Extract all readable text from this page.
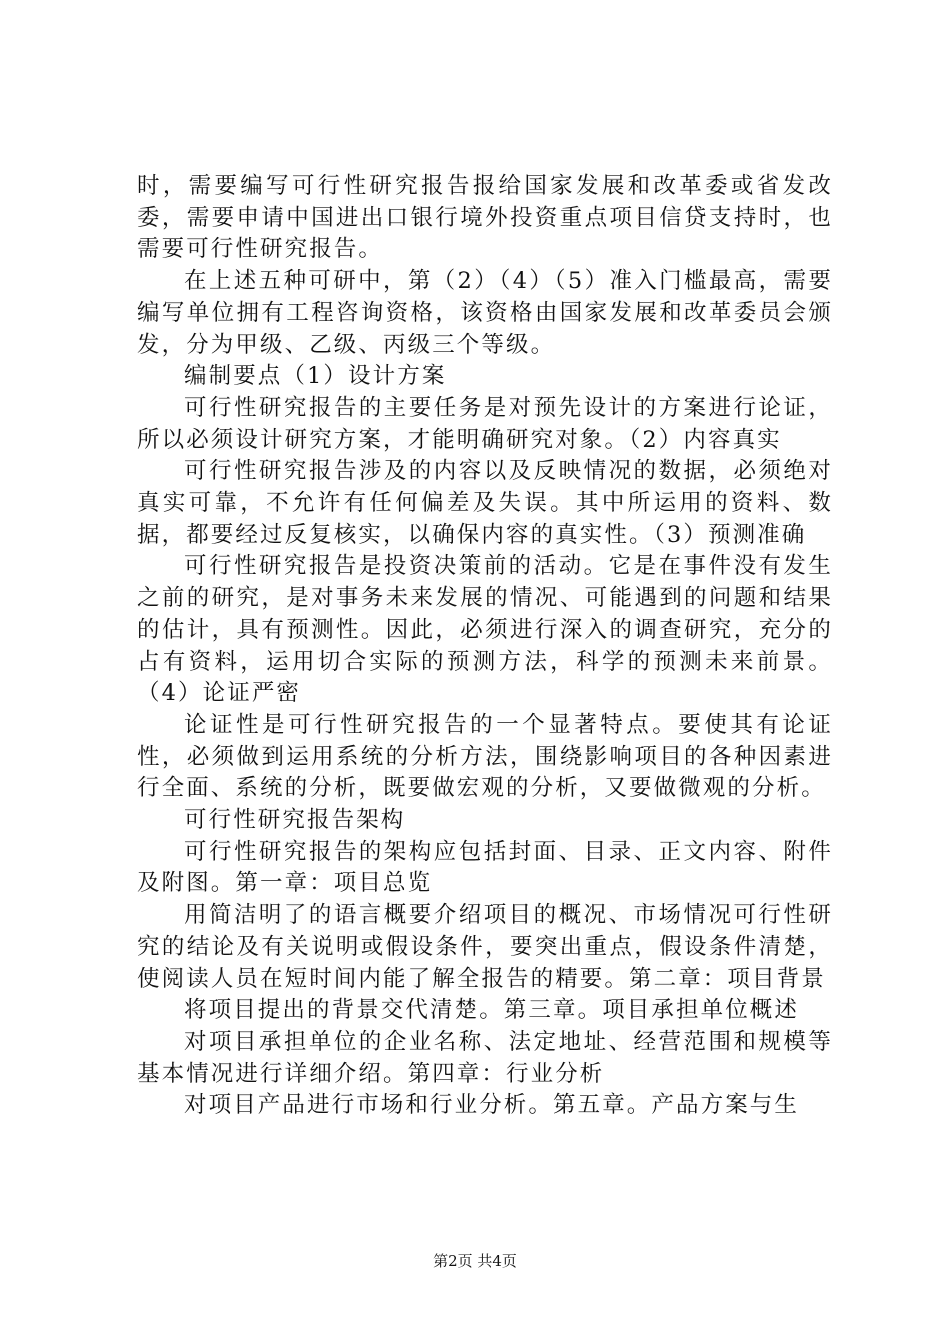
时，需要编写可行性研究报告报给国家发展和改革委或省发改委，需要申请中国进出口银行境外投资重点项目信贷支持时，也需要可行性研究报告。

在上述五种可研中，第（2）（4）（5）准入门槛最高，需要编写单位拥有工程咨询资格，该资格由国家发展和改革委员会颁发，分为甲级、乙级、丙级三个等级。

编制要点（1）设计方案

可行性研究报告的主要任务是对预先设计的方案进行论证，所以必须设计研究方案，才能明确研究对象。（2）内容真实

可行性研究报告涉及的内容以及反映情况的数据，必须绝对真实可靠，不允许有任何偏差及失误。其中所运用的资料、数据，都要经过反复核实，以确保内容的真实性。（3）预测准确

可行性研究报告是投资决策前的活动。它是在事件没有发生之前的研究，是对事务未来发展的情况、可能遇到的问题和结果的估计，具有预测性。因此，必须进行深入的调查研究，充分的占有资料，运用切合实际的预测方法，科学的预测未来前景。（4）论证严密

论证性是可行性研究报告的一个显著特点。要使其有论证性，必须做到运用系统的分析方法，围绕影响项目的各种因素进行全面、系统的分析，既要做宏观的分析，又要做微观的分析。

可行性研究报告架构

可行性研究报告的架构应包括封面、目录、正文内容、附件及附图。第一章：项目总览

用简洁明了的语言概要介绍项目的概况、市场情况可行性研究的结论及有关说明或假设条件，要突出重点，假设条件清楚，使阅读人员在短时间内能了解全报告的精要。第二章：项目背景

将项目提出的背景交代清楚。第三章。项目承担单位概述

对项目承担单位的企业名称、法定地址、经营范围和规模等基本情况进行详细介绍。第四章：行业分析

对项目产品进行市场和行业分析。第五章。产品方案与生

第2页 共4页
